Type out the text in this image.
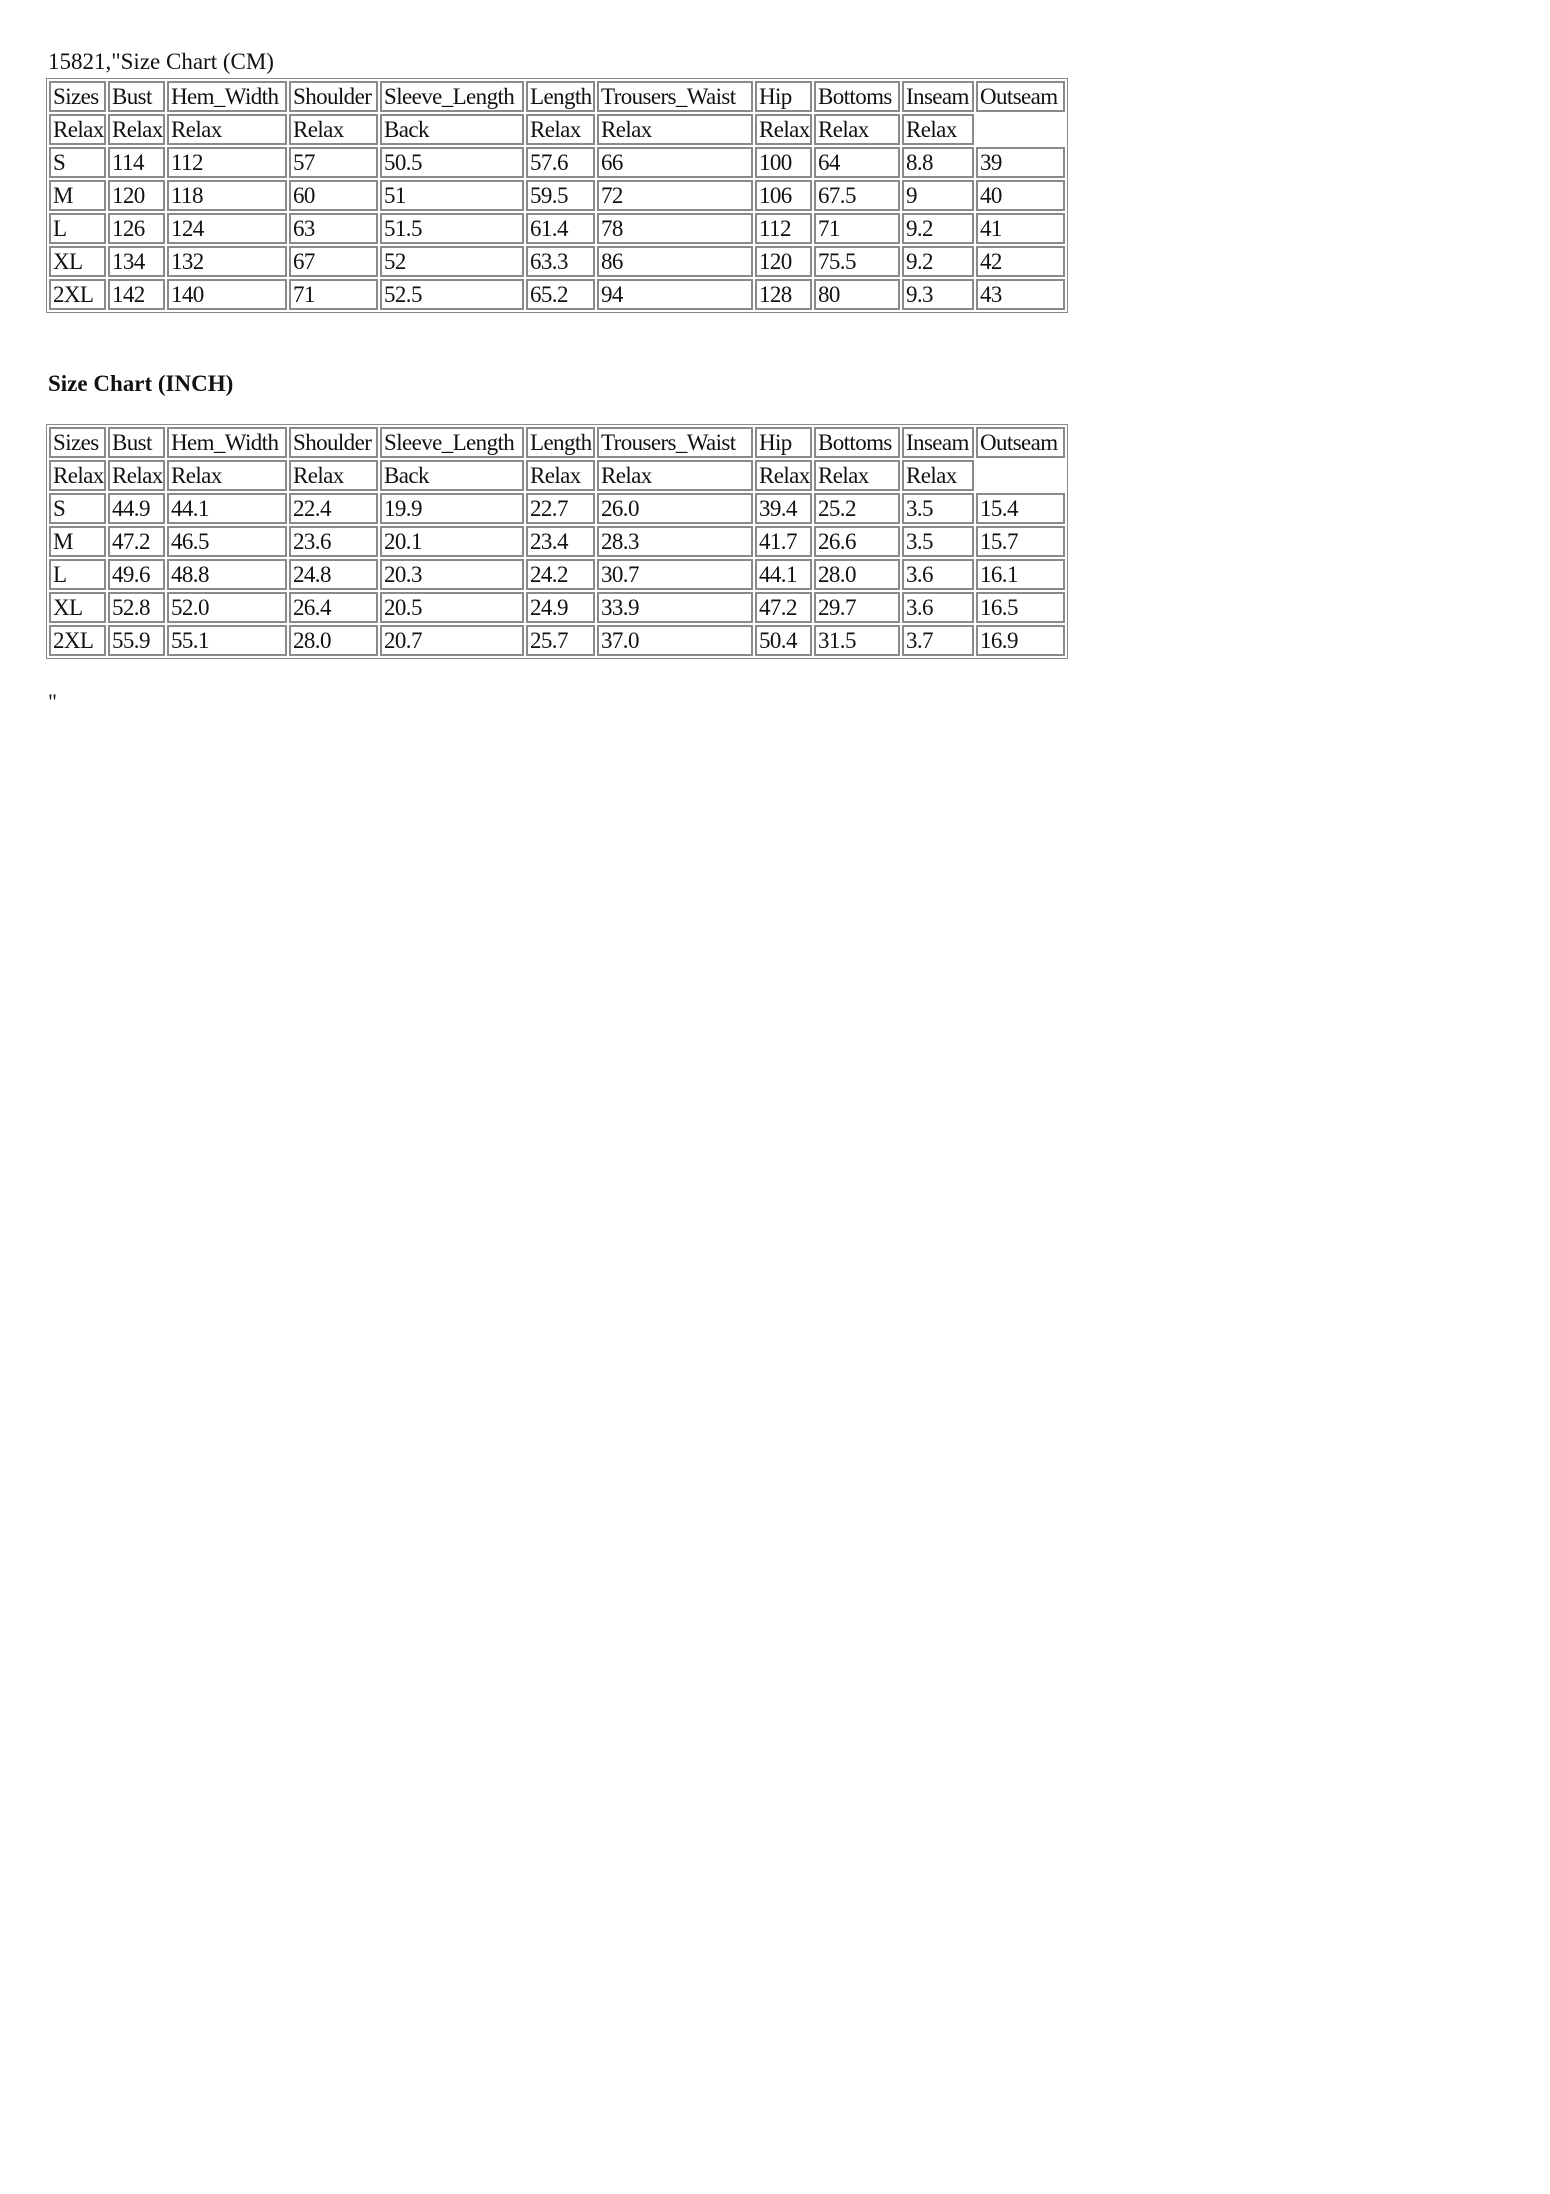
15821,"Size Chart (CM)
Sizes	Bust	Hem_Width	Shoulder	Sleeve_Length	Length	Trousers_Waist	Hip	Bottoms	Inseam	Outseam
Relax	Relax	Relax	Relax	Back	Relax	Relax	Relax	Relax	Relax	
S	114	112	57	50.5	57.6	66	100	64	8.8	39
M	120	118	60	51	59.5	72	106	67.5	9	40
L	126	124	63	51.5	61.4	78	112	71	9.2	41
XL	134	132	67	52	63.3	86	120	75.5	9.2	42
2XL	142	140	71	52.5	65.2	94	128	80	9.3	43
Size Chart (INCH)
Sizes	Bust	Hem_Width	Shoulder	Sleeve_Length	Length	Trousers_Waist	Hip	Bottoms	Inseam	Outseam
Relax	Relax	Relax	Relax	Back	Relax	Relax	Relax	Relax	Relax	
S	44.9	44.1	22.4	19.9	22.7	26.0	39.4	25.2	3.5	15.4
M	47.2	46.5	23.6	20.1	23.4	28.3	41.7	26.6	3.5	15.7
L	49.6	48.8	24.8	20.3	24.2	30.7	44.1	28.0	3.6	16.1
XL	52.8	52.0	26.4	20.5	24.9	33.9	47.2	29.7	3.6	16.5
2XL	55.9	55.1	28.0	20.7	25.7	37.0	50.4	31.5	3.7	16.9
"
